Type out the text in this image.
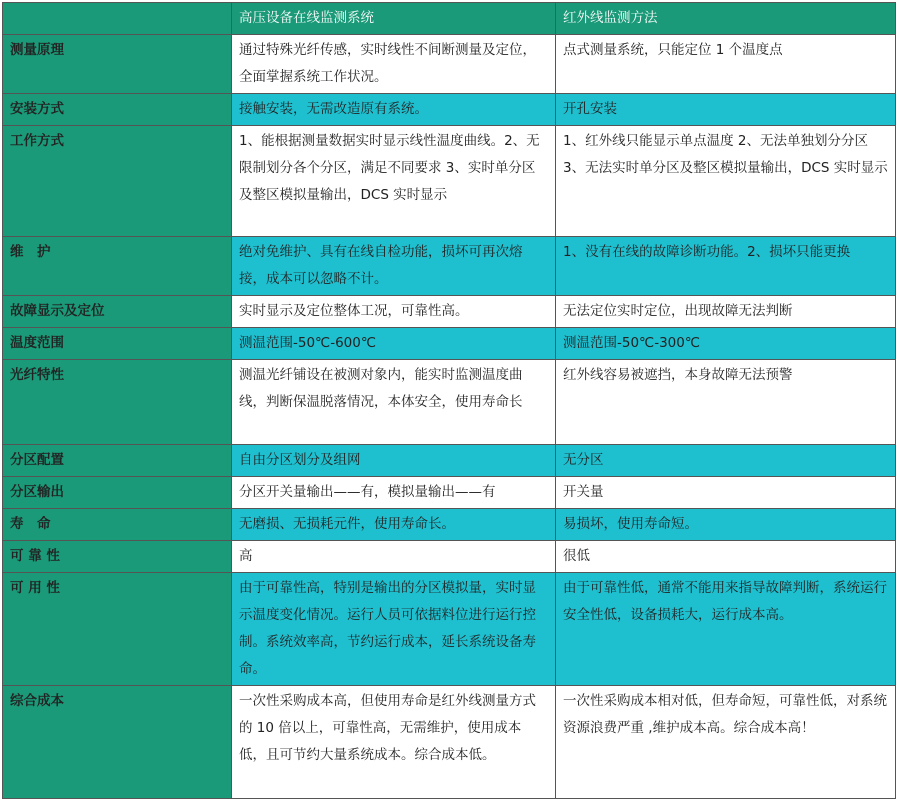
	高压设备在线监测系统	红外线监测方法
测量原理	通过特殊光纤传感，实时线性不间断测量及定位，全面掌握系统工作状况。	点式测量系统，只能定位 1 个温度点
安装方式	接触安装，无需改造原有系统。	开孔安装
工作方式	1、能根据测量数据实时显示线性温度曲线。2、无限制划分各个分区，满足不同要求 3、实时单分区及整区模拟量输出，DCS 实时显示	1、红外线只能显示单点温度 2、无法单独划分分区 3、无法实时单分区及整区模拟量输出，DCS 实时显示
维　护	绝对免维护、具有在线自检功能，损坏可再次熔接，成本可以忽略不计。	1、没有在线的故障诊断功能。2、损坏只能更换
故障显示及定位	实时显示及定位整体工况，可靠性高。	无法定位实时定位，出现故障无法判断
温度范围	测温范围-50℃-600℃	测温范围-50℃-300℃
光纤特性	测温光纤铺设在被测对象内，能实时监测温度曲线，判断保温脱落情况，本体安全，使用寿命长	红外线容易被遮挡，本身故障无法预警
分区配置	自由分区划分及组网	无分区
分区输出	分区开关量输出——有，模拟量输出——有	开关量
寿　命	无磨损、无损耗元件，使用寿命长。	易损坏，使用寿命短。
可 靠 性	高	很低
可 用 性	由于可靠性高，特别是输出的分区模拟量，实时显示温度变化情况。运行人员可依据料位进行运行控制。系统效率高，节约运行成本，延长系统设备寿命。	由于可靠性低，通常不能用来指导故障判断，系统运行安全性低，设备损耗大，运行成本高。
综合成本	一次性采购成本高，但使用寿命是红外线测量方式的 10 倍以上，可靠性高，无需维护，使用成本低，且可节约大量系统成本。综合成本低。	一次性采购成本相对低，但寿命短，可靠性低，对系统资源浪费严重 ,维护成本高。综合成本高！
